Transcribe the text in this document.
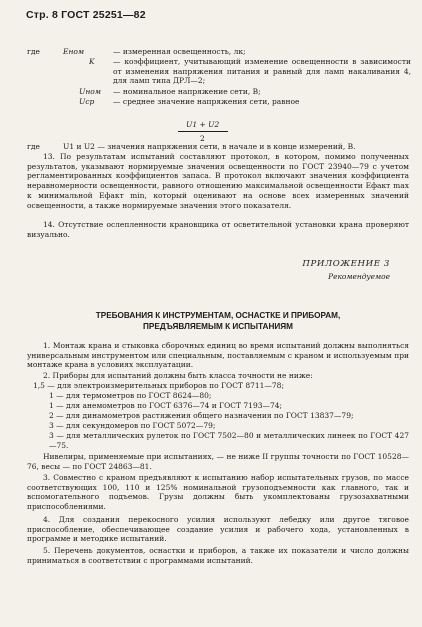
Стр. 8 ГОСТ 25251—82
где	Eном	— измеренная освещенность, лк;
K — коэффициент, учитывающий изменение освещенности в зависимости от изменения напряжения питания и равный для ламп накаливания 4, для ламп типа ДРЛ—2;
Uном — номинальное напряжение сети, В;
Uср — среднее значение напряжения сети, равное
U1 + U2
2
где	U1 и U2 — значения напряжения сети, в начале и в конце измерений, В.
13. По результатам испытаний составляют протокол, в котором, помимо полученных результатов, указывают нормируемые значения освещенности по ГОСТ 23940—79 с учетом регламентированных коэффициентов запаса. В протокол включают значения коэффициента неравномерности освещенности, равного отношению максимальной освещенности Eфакт max к минимальной Eфакт min, который оценивают на основе всех измеренных значений освещенности, а также нормируемые значения этого показателя.
14. Отсутствие ослепленности крановщика от осветительной установки крана проверяют визуально.
ПРИЛОЖЕНИЕ 3
Рекомендуемое
ТРЕБОВАНИЯ К ИНСТРУМЕНТАМ, ОСНАСТКЕ И ПРИБОРАМ,
ПРЕДЪЯВЛЯЕМЫМ К ИСПЫТАНИЯМ
1. Монтаж крана и стыковка сборочных единиц во время испытаний должны выполняться универсальным инструментом или специальным, поставляемым с краном и используемым при монтаже крана в условиях эксплуатации.
2. Приборы для испытаний должны быть класса точности не ниже:
1,5 — для электроизмерительных приборов по ГОСТ 8711—78;
1 — для термометров по ГОСТ 8624—80;
1 — для анемометров по ГОСТ 6376—74 и ГОСТ 7193—74;
2 — для динамометров растяжения общего назначения по ГОСТ 13837—79;
3 — для секундомеров по ГОСТ 5072—79;
3 — для металлических рулеток по ГОСТ 7502—80 и металлических линеек по ГОСТ 427—75.
Нивелиры, применяемые при испытаниях, — не ниже II группы точности по ГОСТ 10528—76, весы — по ГОСТ 24863—81.
3. Совместно с краном предъявляют к испытанию набор испытательных грузов, по массе соответствующих 100, 110 и 125% номинальной грузоподъемности как главного, так и вспомогательного подъемов. Грузы должны быть укомплектованы грузозахватными приспособлениями.
4. Для создания перекосного усилия используют лебедку или другое тяговое приспособление, обеспечивающее создание усилия и рабочего хода, установленных в программе и методике испытаний.
5. Перечень документов, оснастки и приборов, а также их показатели и число должны приниматься в соответствии с программами испытаний.
